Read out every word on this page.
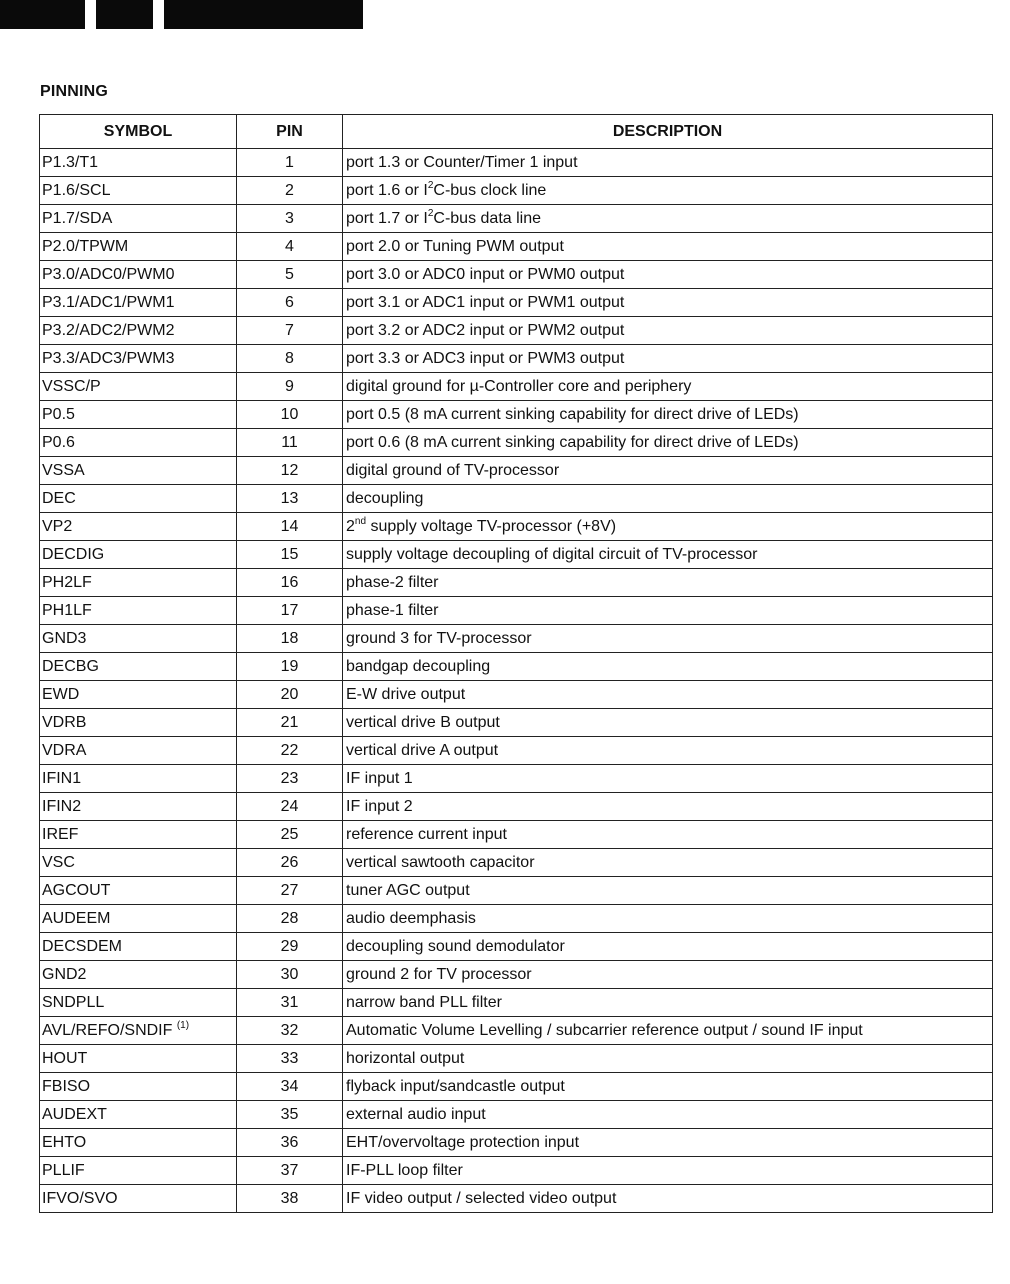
PINNING
SYMBOL	PIN	DESCRIPTION
P1.3/T1	1	port 1.3 or Counter/Timer 1 input
P1.6/SCL	2	port 1.6 or $I^2C$-bus clock line
P1.7/SDA	3	port 1.7 or $I^2C$-bus data line
P2.0/TPWM	4	port 2.0 or Tuning PWM output
P3.0/ADC0/PWM0	5	port 3.0 or ADC0 input or PWM0 output
P3.1/ADC1/PWM1	6	port 3.1 or ADC1 input or PWM1 output
P3.2/ADC2/PWM2	7	port 3.2 or ADC2 input or PWM2 output
P3.3/ADC3/PWM3	8	port 3.3 or ADC3 input or PWM3 output
VSSC/P	9	digital ground for µ-Controller core and periphery
P0.5	10	port 0.5 (8 mA current sinking capability for direct drive of LEDs)
P0.6	11	port 0.6 (8 mA current sinking capability for direct drive of LEDs)
VSSA	12	digital ground of TV-processor
DEC	13	decoupling
VP2	14	2nd supply voltage TV-processor (+8V)
DECDIG	15	supply voltage decoupling of digital circuit of TV-processor
PH2LF	16	phase-2 filter
PH1LF	17	phase-1 filter
GND3	18	ground 3 for TV-processor
DECBG	19	bandgap decoupling
EWD	20	E-W drive output
VDRB	21	vertical drive B output
VDRA	22	vertical drive A output
IFIN1	23	IF input 1
IFIN2	24	IF input 2
IREF	25	reference current input
VSC	26	vertical sawtooth capacitor
AGCOUT	27	tuner AGC output
AUDEEM	28	audio deemphasis
DECSDEM	29	decoupling sound demodulator
GND2	30	ground 2 for TV processor
SNDPLL	31	narrow band PLL filter
AVL/REFO/SNDIF $^{(1)}$	32	Automatic Volume Levelling / subcarrier reference output / sound IF input
HOUT	33	horizontal output
FBISO	34	flyback input/sandcastle output
AUDEXT	35	external audio input
EHTO	36	EHT/overvoltage protection input
PLLIF	37	IF-PLL loop filter
IFVO/SVO	38	IF video output / selected video output
